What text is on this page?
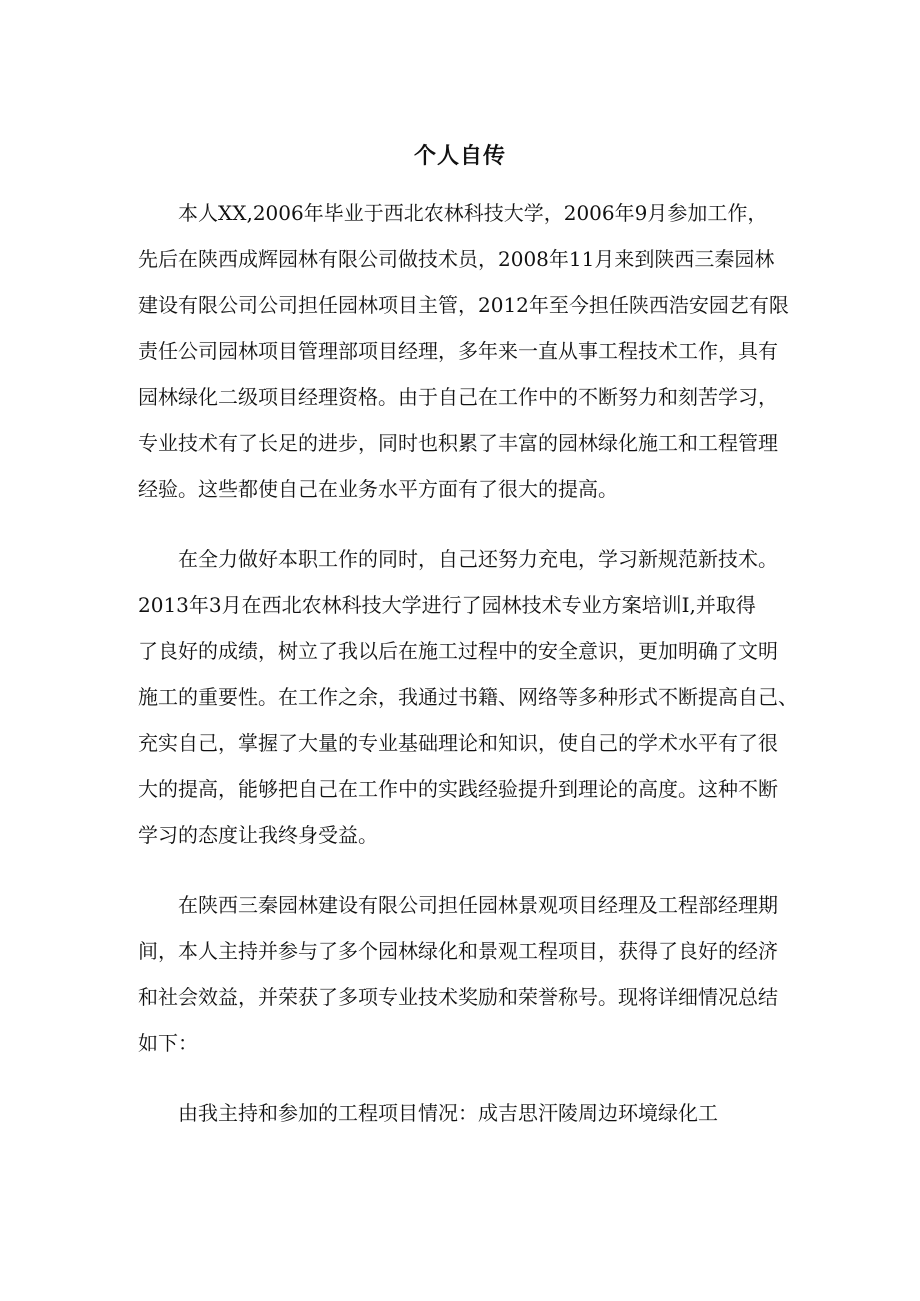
个人自传

本人XX,2006年毕业于西北农林科技大学，2006年9月参加工作，

先后在陕西成辉园林有限公司做技术员，2008年11月来到陕西三秦园林

建设有限公司公司担任园林项目主管，2012年至今担任陕西浩安园艺有限

责任公司园林项目管理部项目经理，多年来一直从事工程技术工作，具有

园林绿化二级项目经理资格。由于自己在工作中的不断努力和刻苦学习，

专业技术有了长足的进步，同时也积累了丰富的园林绿化施工和工程管理

经验。这些都使自己在业务水平方面有了很大的提高。

在全力做好本职工作的同时，自己还努力充电，学习新规范新技术。

2013年3月在西北农林科技大学进行了园林技术专业方案培训I,并取得

了良好的成绩，树立了我以后在施工过程中的安全意识，更加明确了文明

施工的重要性。在工作之余，我通过书籍、网络等多种形式不断提高自己、

充实自己，掌握了大量的专业基础理论和知识，使自己的学术水平有了很

大的提高，能够把自己在工作中的实践经验提升到理论的高度。这种不断

学习的态度让我终身受益。

在陕西三秦园林建设有限公司担任园林景观项目经理及工程部经理期

间，本人主持并参与了多个园林绿化和景观工程项目，获得了良好的经济

和社会效益，并荣获了多项专业技术奖励和荣誉称号。现将详细情况总结

如下：

由我主持和参加的工程项目情况：成吉思汗陵周边环境绿化工
